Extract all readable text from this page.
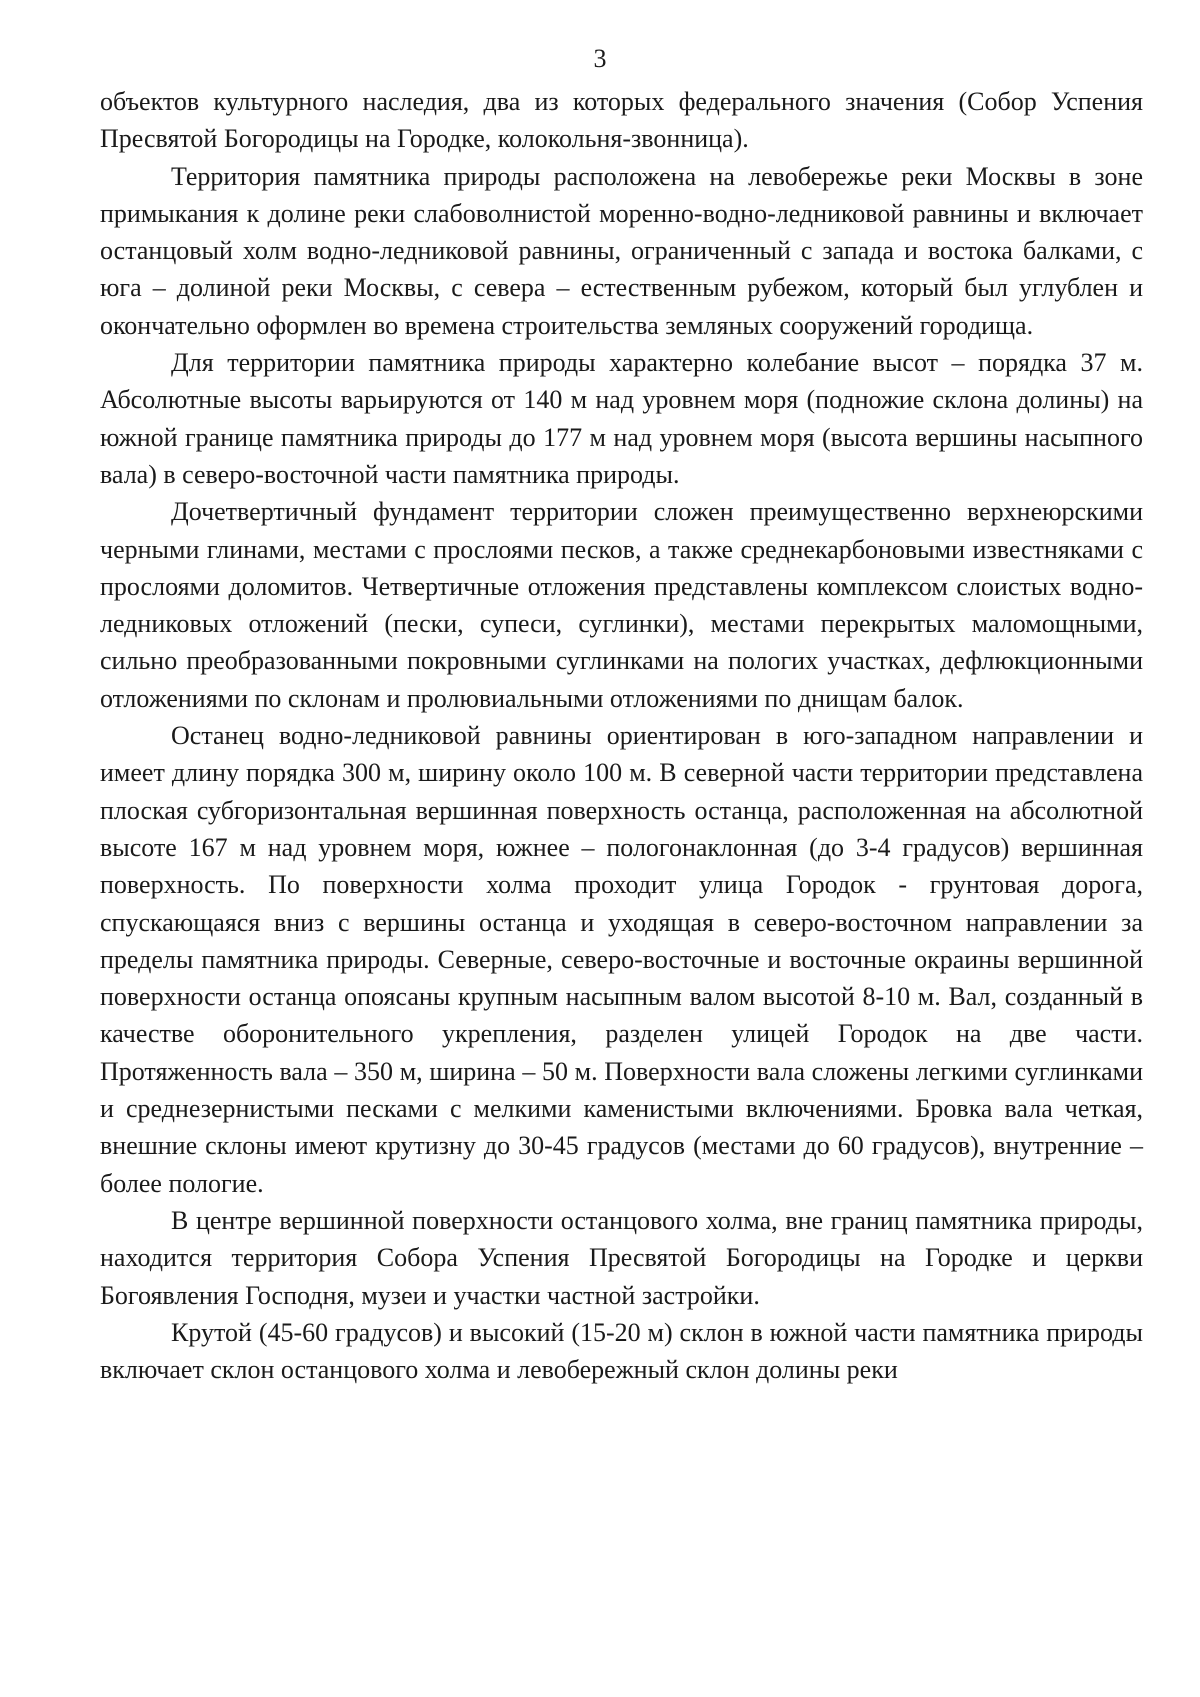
3

объектов культурного наследия, два из которых федерального значения (Собор Успения Пресвятой Богородицы на Городке, колокольня-звонница).

Территория памятника природы расположена на левобережье реки Москвы в зоне примыкания к долине реки слабоволнистой моренно-водно-ледниковой равнины и включает останцовый холм водно-ледниковой равнины, ограниченный с запада и востока балками, с юга – долиной реки Москвы, с севера – естественным рубежом, который был углублен и окончательно оформлен во времена строительства земляных сооружений городища.

Для территории памятника природы характерно колебание высот – порядка 37 м. Абсолютные высоты варьируются от 140 м над уровнем моря (подножие склона долины) на южной границе памятника природы до 177 м над уровнем моря (высота вершины насыпного вала) в северо-восточной части памятника природы.

Дочетвертичный фундамент территории сложен преимущественно верхнеюрскими черными глинами, местами с прослоями песков, а также среднекарбоновыми известняками с прослоями доломитов. Четвертичные отложения представлены комплексом слоистых водно-ледниковых отложений (пески, супеси, суглинки), местами перекрытых маломощными, сильно преобразованными покровными суглинками на пологих участках, дефлюкционными отложениями по склонам и пролювиальными отложениями по днищам балок.

Останец водно-ледниковой равнины ориентирован в юго-западном направлении и имеет длину порядка 300 м, ширину около 100 м. В северной части территории представлена плоская субгоризонтальная вершинная поверхность останца, расположенная на абсолютной высоте 167 м над уровнем моря, южнее – пологонаклонная (до 3-4 градусов) вершинная поверхность. По поверхности холма проходит улица Городок - грунтовая дорога, спускающаяся вниз с вершины останца и уходящая в северо-восточном направлении за пределы памятника природы. Северные, северо-восточные и восточные окраины вершинной поверхности останца опоясаны крупным насыпным валом высотой 8-10 м. Вал, созданный в качестве оборонительного укрепления, разделен улицей Городок на две части. Протяженность вала – 350 м, ширина – 50 м. Поверхности вала сложены легкими суглинками и среднезернистыми песками с мелкими каменистыми включениями. Бровка вала четкая, внешние склоны имеют крутизну до 30-45 градусов (местами до 60 градусов), внутренние – более пологие.

В центре вершинной поверхности останцового холма, вне границ памятника природы, находится территория Собора Успения Пресвятой Богородицы на Городке и церкви Богоявления Господня, музеи и участки частной застройки.

Крутой (45-60 градусов) и высокий (15-20 м) склон в южной части памятника природы включает склон останцового холма и левобережный склон долины реки
